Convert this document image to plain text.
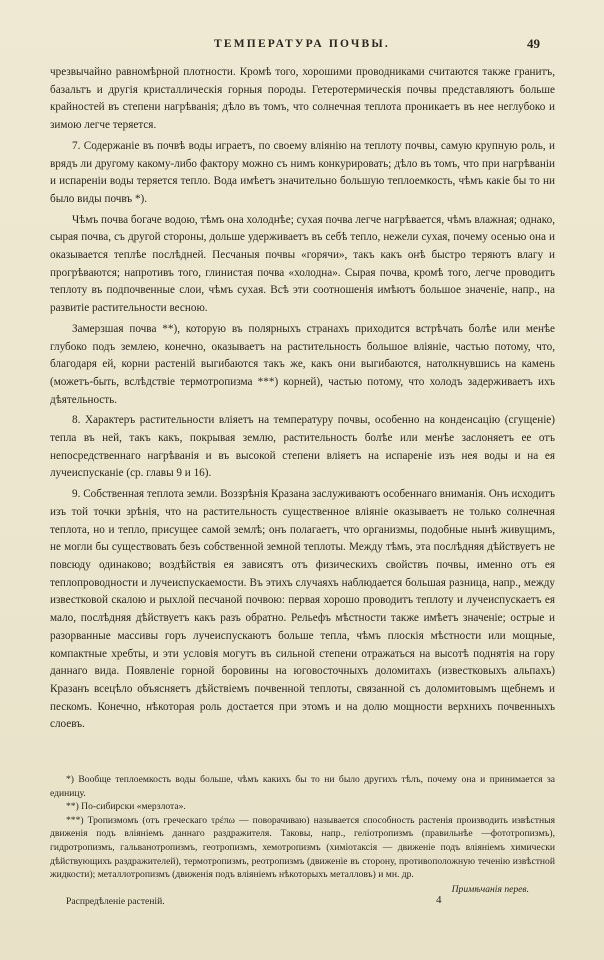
ТЕМПЕРАТУРА ПОЧВЫ.	49

чрезвычайно равномѣрной плотности. Кромѣ того, хорошими проводниками считаются также гранитъ, базальтъ и другія кристаллическія горныя породы. Гетеротермическія почвы представляютъ больше крайностей въ степени нагрѣванія; дѣло въ томъ, что солнечная теплота проникаетъ въ нее неглубоко и зимою легче теряется.

7. Содержаніе въ почвѣ воды играетъ, по своему вліянію на теплоту почвы, самую крупную роль, и врядъ ли другому какому-либо фактору можно съ нимъ конкурировать; дѣло въ томъ, что при нагрѣваніи и испареніи воды теряется тепло. Вода имѣетъ значительно большую теплоемкость, чѣмъ какіе бы то ни было виды почвъ *).

Чѣмъ почва богаче водою, тѣмъ она холоднѣе; сухая почва легче нагрѣвается, чѣмъ влажная; однако, сырая почва, съ другой стороны, дольше удерживаетъ въ себѣ тепло, нежели сухая, почему осенью она и оказывается теплѣе послѣдней. Песчаныя почвы «горячи», такъ какъ онѣ быстро теряютъ влагу и прогрѣваются; напротивъ того, глинистая почва «холодна». Сырая почва, кромѣ того, легче проводитъ теплоту въ подпочвенные слои, чѣмъ сухая. Всѣ эти соотношенія имѣютъ большое значеніе, напр., на развитіе растительности весною.

Замерзшая почва **), которую въ полярныхъ странахъ приходится встрѣчать болѣе или менѣе глубоко подъ землею, конечно, оказываетъ на растительность большое вліяніе, частью потому, что, благодаря ей, корни растеній выгибаются такъ же, какъ они выгибаются, натолкнувшись на камень (можетъ-быть, вслѣдствіе термотропизма ***) корней), частью потому, что холодъ задерживаетъ ихъ дѣятельность.

8. Характеръ растительности вліяетъ на температуру почвы, особенно на конденсацію (сгущеніе) тепла въ ней, такъ какъ, покрывая землю, растительность болѣе или менѣе заслоняетъ ее отъ непосредственнаго нагрѣванія и въ высокой степени вліяетъ на испареніе изъ нея воды и на ея лучеиспусканіе (ср. главы 9 и 16).

9. Собственная теплота земли. Воззрѣнія Кразана заслуживаютъ особеннаго вниманія. Онъ исходитъ изъ той точки зрѣнія, что на растительность существенное вліяніе оказываетъ не только солнечная теплота, но и тепло, присущее самой землѣ; онъ полагаетъ, что организмы, подобные нынѣ живущимъ, не могли бы существовать безъ собственной земной теплоты. Между тѣмъ, эта послѣдняя дѣйствуетъ не повсюду одинаково; воздѣйствія ея зависятъ отъ физическихъ свойствъ почвы, именно отъ ея теплопроводности и лучеиспускаемости. Въ этихъ случаяхъ наблюдается большая разница, напр., между известковой скалою и рыхлой песчаной почвою: первая хорошо проводитъ теплоту и лучеиспускаетъ ея мало, послѣдняя дѣйствуетъ какъ разъ обратно. Рельефъ мѣстности также имѣетъ значеніе; острые и разорванные массивы горъ лучеиспускаютъ больше тепла, чѣмъ плоскія мѣстности или мощные, компактные хребты, и эти условія могутъ въ сильной степени отражаться на высотѣ поднятія на гору даннаго вида. Появленіе горной боровины на юговосточныхъ доломитахъ (известковыхъ альпахъ) Кразанъ всецѣло объясняетъ дѣйствіемъ почвенной теплоты, связанной съ доломитовымъ щебнемъ и пескомъ. Конечно, нѣкоторая роль достается при этомъ и на долю мощности верхнихъ почвенныхъ слоевъ.

*) Вообще теплоемкость воды больше, чѣмъ какихъ бы то ни было другихъ тѣлъ, почему она и принимается за единицу.

**) По-сибирски «мерзлота».

***) Тропизмомъ (отъ греческаго τρέπω — поворачиваю) называется способность растенія производить извѣстныя движенія подъ вліяніемъ даннаго раздражителя. Таковы, напр., геліотропизмъ (правильнѣе —фототропизмъ), гидротропизмъ, гальванотропизмъ, геотропизмъ, хемотропизмъ (химіотаксія — движеніе подъ вліяніемъ химически дѣйствующихъ раздражителей), термотропизмъ, реотропизмъ (движеніе въ сторону, противоположную теченію извѣстной жидкости); металлотропизмъ (движенія подъ вліяніемъ нѣкоторыхъ металловъ) и мн. др.

Примѣчанія перев.

Распредѣленіе растеній.	4
